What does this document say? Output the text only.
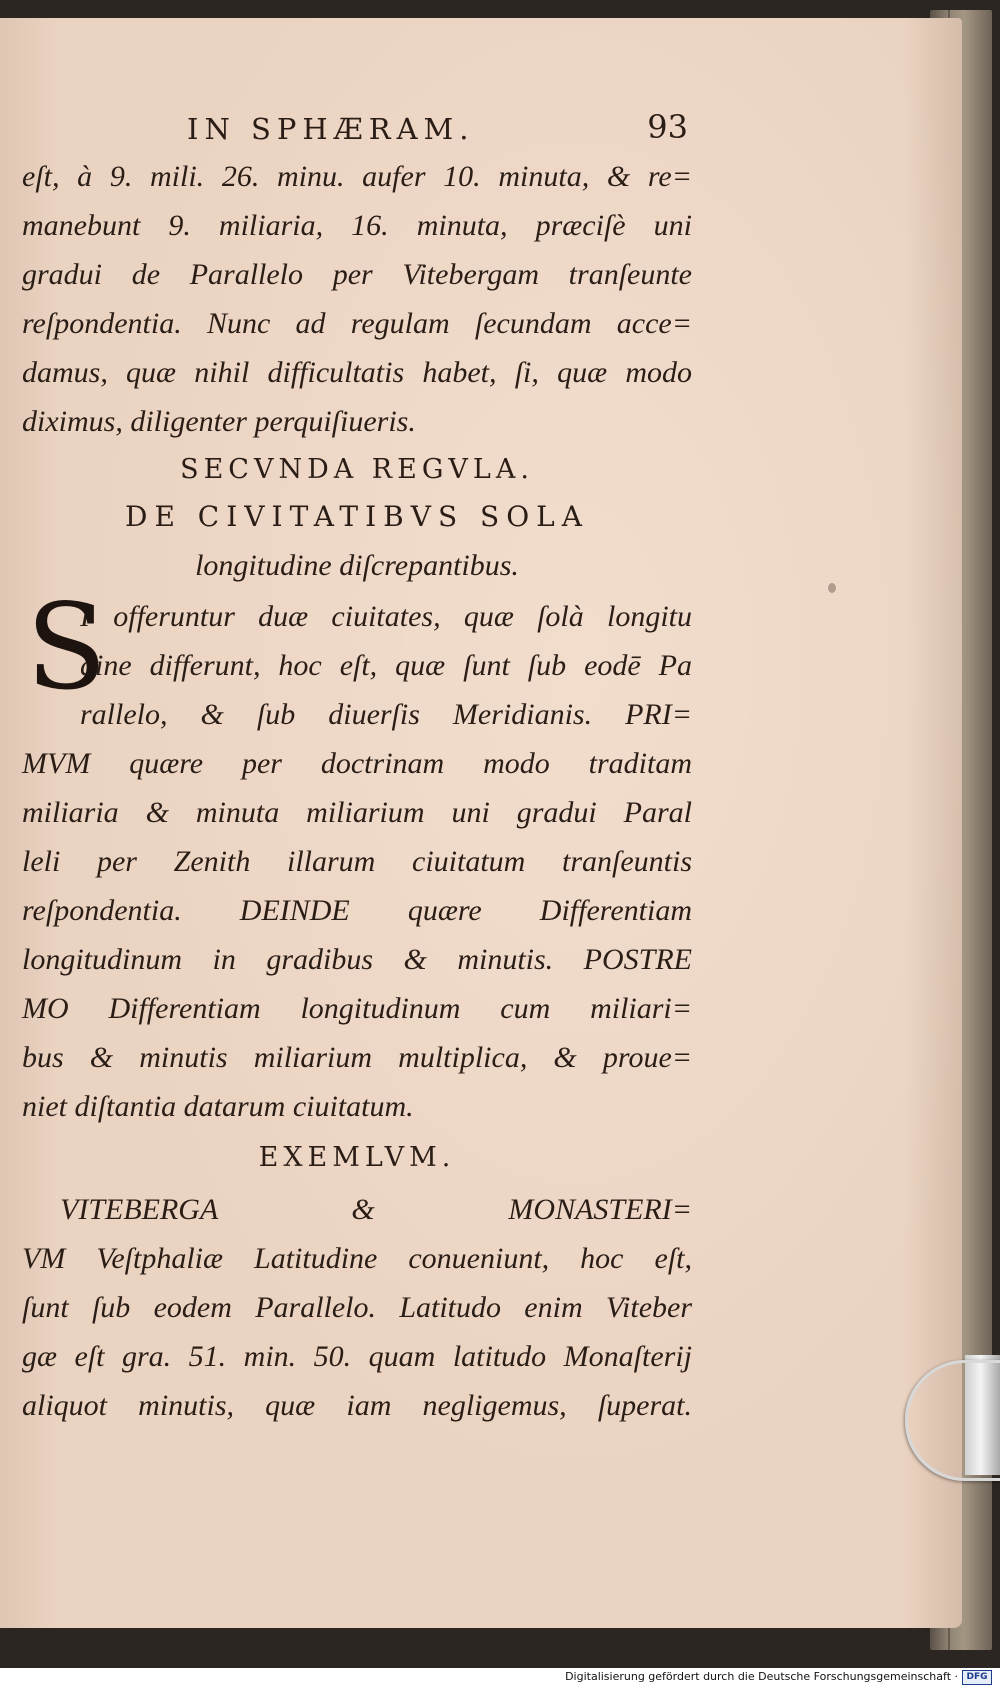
IN SPHÆRAM.	93
eſt, à 9. mili. 26. minu. aufer 10. minuta, & re=
manebunt 9. miliaria, 16. minuta, præciſè uni
gradui de Parallelo per Vitebergam tranſeunte
reſpondentia. Nunc ad regulam ſecundam acce=
damus, quæ nihil difficultatis habet, ſi, quæ modo
diximus, diligenter perquiſiueris.
SECVNDA REGVLA.
DE CIVITATIBVS SOLA
longitudine diſcrepantibus.
S
I offeruntur duæ ciuitates, quæ ſolà longitu
dine differunt, hoc eſt, quæ ſunt ſub eodē Pa
rallelo, & ſub diuerſis Meridianis. PRI=
MVM quære per doctrinam modo traditam
miliaria & minuta miliarium uni gradui Paral
leli per Zenith illarum ciuitatum tranſeuntis
reſpondentia. DEINDE quære Differentiam
longitudinum in gradibus & minutis. POSTRE
MO Differentiam longitudinum cum miliari=
bus & minutis miliarium multiplica, & proue=
niet diſtantia datarum ciuitatum.
EXEMLVM.
VITEBERGA & MONASTERI=
VM Veſtphaliæ Latitudine conueniunt, hoc eſt,
ſunt ſub eodem Parallelo. Latitudo enim Viteber
gæ eſt gra. 51. min. 50. quam latitudo Monaſterij
aliquot minutis, quæ iam negligemus, ſuperat.
Digitalisierung gefördert durch die Deutsche Forschungsgemeinschaft · DFG
